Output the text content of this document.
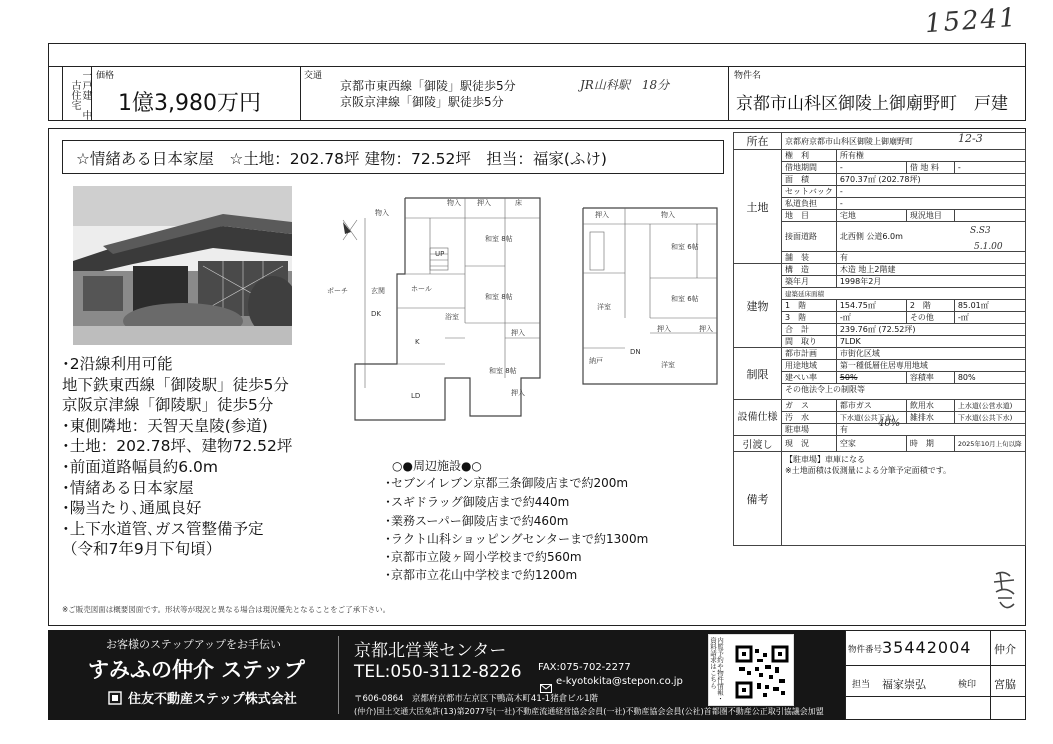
15241
一戸建　中古住宅
価格
1億3,980万円
交通
京都市東西線「御陵」駅徒歩5分
京阪京津線「御陵」駅徒歩5分
JR山科駅　18分
物件名
京都市山科区御陵上御廟野町　戸建
☆情緒ある日本家屋　☆土地：202.78坪 建物：72.52坪　担当：福家(ふけ)
物入 押入	床
和室 8帖
和室 8帖
ホール
玄関
ポーチ
DK
K
LD
浴室
押入
和室 8帖
押入
UP
物入	物入
押入
和室 6帖
和室 6帖
洋室
納戸
押入	押入
洋室
DN
･2沿線利用可能
地下鉄東西線「御陵駅」徒歩5分
京阪京津線「御陵駅」徒歩5分
･東側隣地：天智天皇陵(参道)
･土地：202.78坪、建物72.52坪
･前面道路幅員約6.0m
･情緒ある日本家屋
･陽当たり､通風良好
･上下水道管､ガス管整備予定
（令和7年9月下旬頃）
○●周辺施設●○
･セブンイレブン京都三条御陵店まで約200m
･スギドラッグ御陵店まで約440m
･業務スーパー御陵店まで約460m
･ラクト山科ショッピングセンターまで約1300m
･京都市立陵ヶ岡小学校まで約560m
･京都市立花山中学校まで約1200m
※ご販売図面は概要図面です。形状等が現況と異なる場合は現況優先となることをご了承下さい。
所在	京都府京都市山科区御陵上御廟野町			
土地	権　利	所有権		
	借地期間	-	借 地 料	-
	面　積	670.37㎡ (202.78坪)		
	セットバック	-		
	私道負担	-		
	地　目	宅地	現況地目	
	接面道路	北西側 公道6.0m		
	舗　装	有		
建物	構　造	木造 地上2階建		
	築年月	1998年2月		
	建築延床面積			
	1　階	154.75㎡	2　階	85.01㎡
	3　階	-㎡	その他	-㎡
	合　計	239.76㎡ (72.52坪)		
	間　取り	7LDK		
制限	都市計画	市街化区域		
	用途地域	第一種低層住居専用地域		
	建ぺい率	50%	容積率	80%
	その他法令上の制限等			
設備仕様	ガ　ス	都市ガス	飲用水	上水道(公営水道)
	汚　水	下水道(公共下水)	雑排水	下水道(公共下水)
	駐車場	有		
引渡し	現　況	空家	時　期	2025年10月上旬以降
備考	【駐車場】車庫になる
※土地面積は仮測量による分筆予定面積です。			
12-3
S.S3
5.1.00
40%
お客様のステップアップをお手伝い
すみふの仲介 ステップ
住友不動産ステップ株式会社
京都北営業センター
TEL:050-3112-8226 FAX:075-702-2277
e-kyotokita@stepon.co.jp
〒606-0864　京都府京都市左京区下鴨高木町41-1猪倉ビル1階
(仲介)国土交通大臣免許(13)第2077号(一社)不動産流通経営協会会員(一社)不動産協会会員(公社)首都圏不動産公正取引協議会加盟
内覧予約や物件情報・資料請求はこちら	物件番号 35442004 仲介
担当 福家崇弘	検印 宮脇
